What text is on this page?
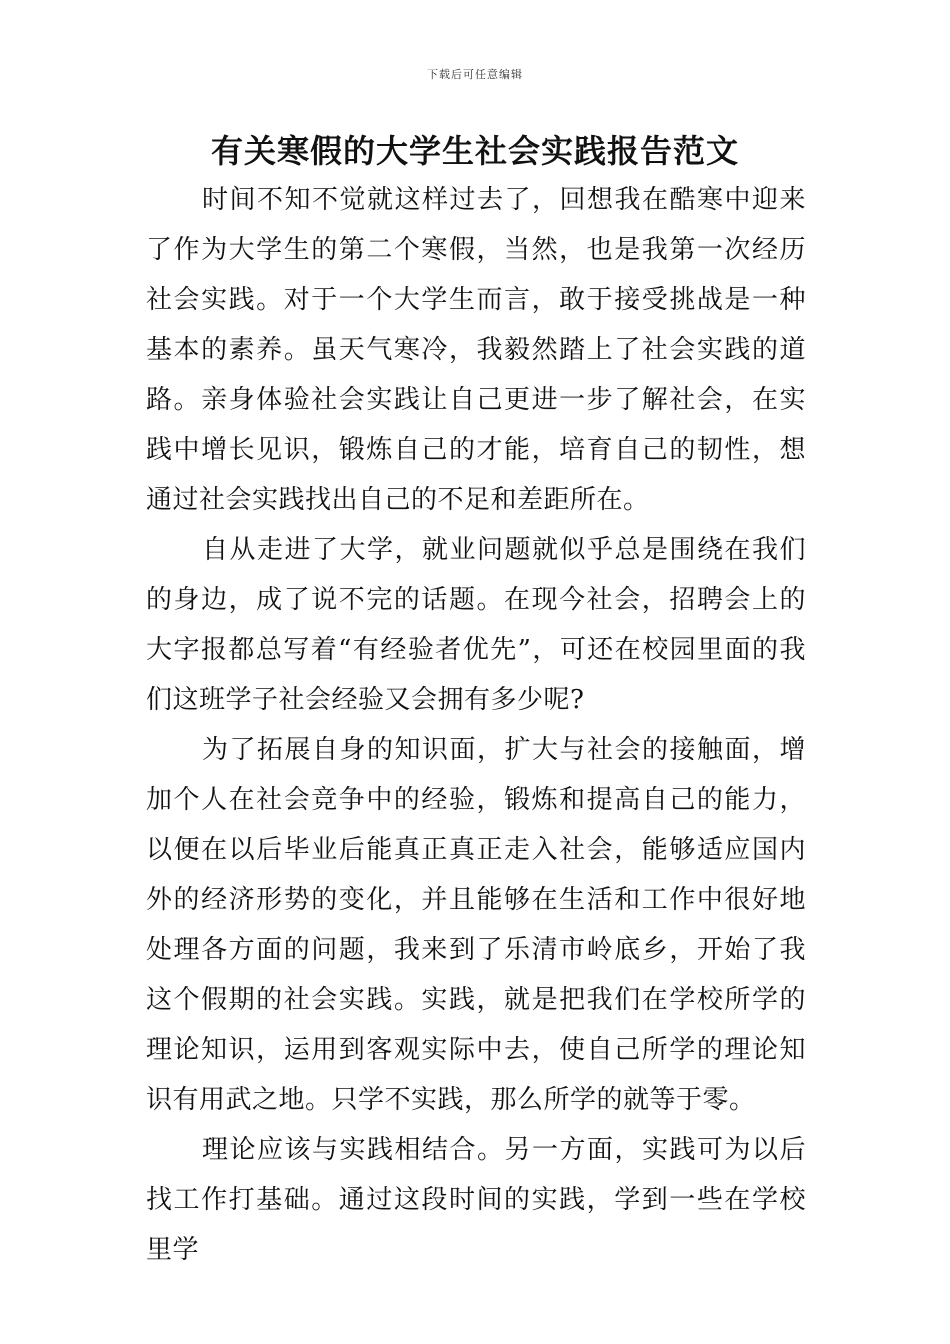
下载后可任意编辑
有关寒假的大学生社会实践报告范文

时间不知不觉就这样过去了，回想我在酷寒中迎来了作为大学生的第二个寒假，当然，也是我第一次经历社会实践。对于一个大学生而言，敢于接受挑战是一种基本的素养。虽天气寒冷，我毅然踏上了社会实践的道路。亲身体验社会实践让自己更进一步了解社会，在实践中增长见识，锻炼自己的才能，培育自己的韧性，想通过社会实践找出自己的不足和差距所在。

自从走进了大学，就业问题就似乎总是围绕在我们的身边，成了说不完的话题。在现今社会，招聘会上的大字报都总写着“有经验者优先”，可还在校园里面的我们这班学子社会经验又会拥有多少呢?

为了拓展自身的知识面，扩大与社会的接触面，增加个人在社会竞争中的经验，锻炼和提高自己的能力，以便在以后毕业后能真正真正走入社会，能够适应国内外的经济形势的变化，并且能够在生活和工作中很好地处理各方面的问题，我来到了乐清市岭底乡，开始了我这个假期的社会实践。实践，就是把我们在学校所学的理论知识，运用到客观实际中去，使自己所学的理论知识有用武之地。只学不实践，那么所学的就等于零。

理论应该与实践相结合。另一方面，实践可为以后找工作打基础。通过这段时间的实践，学到一些在学校里学
